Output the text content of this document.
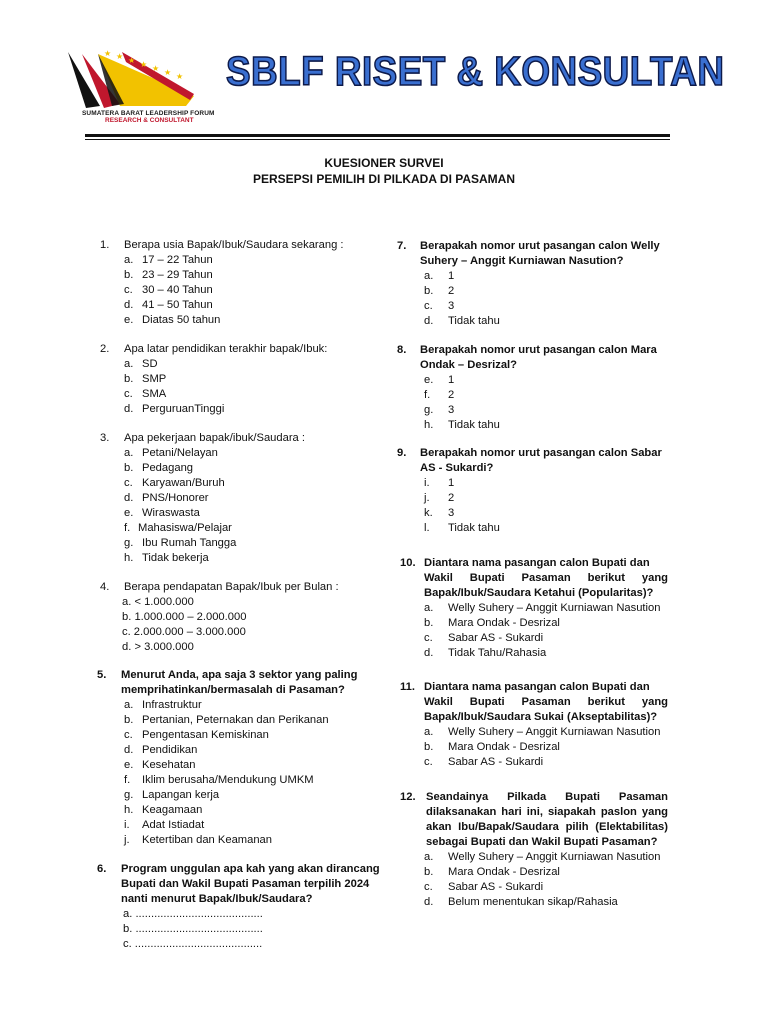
★ ★ ★ ★ ★ ★ ★
SUMATERA BARAT LEADERSHIP FORUM
RESEARCH & CONSULTANT
SBLF RISET & KONSULTAN
KUESIONER SURVEI
PERSEPSI PEMILIH DI PILKADA DI PASAMAN
1.	Berapa usia Bapak/Ibuk/Saudara sekarang :
a. 17 – 22 Tahun
b. 23 – 29 Tahun
c. 30 – 40 Tahun
d. 41 – 50 Tahun
e. Diatas 50 tahun
2.	Apa latar pendidikan terakhir bapak/Ibuk:
a. SD
b. SMP
c. SMA
d. PerguruanTinggi
3.	Apa pekerjaan bapak/ibuk/Saudara :
a. Petani/Nelayan
b. Pedagang
c. Karyawan/Buruh
d. PNS/Honorer
e. Wiraswasta
f. Mahasiswa/Pelajar
g. Ibu Rumah Tangga
h. Tidak bekerja
4.	Berapa pendapatan Bapak/Ibuk per Bulan :
a. < 1.000.000
b. 1.000.000 – 2.000.000
c. 2.000.000 – 3.000.000
d. > 3.000.000
5.	Menurut Anda, apa saja 3 sektor yang paling
memprihatinkan/bermasalah di Pasaman?
a. Infrastruktur
b. Pertanian, Peternakan dan Perikanan
c. Pengentasan Kemiskinan
d. Pendidikan
e. Kesehatan
f.	Iklim berusaha/Mendukung UMKM
g. Lapangan kerja
h. Keagamaan
i.	Adat Istiadat
j.	Ketertiban dan Keamanan
6.	Program unggulan apa kah yang akan dirancang
Bupati dan Wakil Bupati Pasaman terpilih 2024
nanti menurut Bapak/Ibuk/Saudara?
a. .........................................
b. .........................................
c. .........................................
7.	Berapakah nomor urut pasangan calon Welly
Suhery – Anggit Kurniawan Nasution?
a.	1
b.	2
c.	3
d.	Tidak tahu
8.	Berapakah nomor urut pasangan calon Mara
Ondak – Desrizal?
e.	1
f.	2
g.	3
h.	Tidak tahu
9.	Berapakah nomor urut pasangan calon Sabar
AS - Sukardi?
i.	1
j.	2
k.	3
l.	Tidak tahu
10. Diantara nama pasangan calon Bupati dan
Wakil Bupati Pasaman berikut yang
Bapak/Ibuk/Saudara Ketahui (Popularitas)?
a.	Welly Suhery – Anggit Kurniawan Nasution
b.	Mara Ondak - Desrizal
c.	Sabar AS - Sukardi
d.	Tidak Tahu/Rahasia
11. Diantara nama pasangan calon Bupati dan
Wakil Bupati Pasaman berikut yang
Bapak/Ibuk/Saudara Sukai (Akseptabilitas)?
a.	Welly Suhery – Anggit Kurniawan Nasution
b.	Mara Ondak - Desrizal
c.	Sabar AS - Sukardi
12. Seandainya Pilkada Bupati Pasaman
dilaksanakan hari ini, siapakah paslon yang
akan Ibu/Bapak/Saudara pilih (Elektabilitas)
sebagai Bupati dan Wakil Bupati Pasaman?
a.	Welly Suhery – Anggit Kurniawan Nasution
b.	Mara Ondak - Desrizal
c.	Sabar AS - Sukardi
d.	Belum menentukan sikap/Rahasia
